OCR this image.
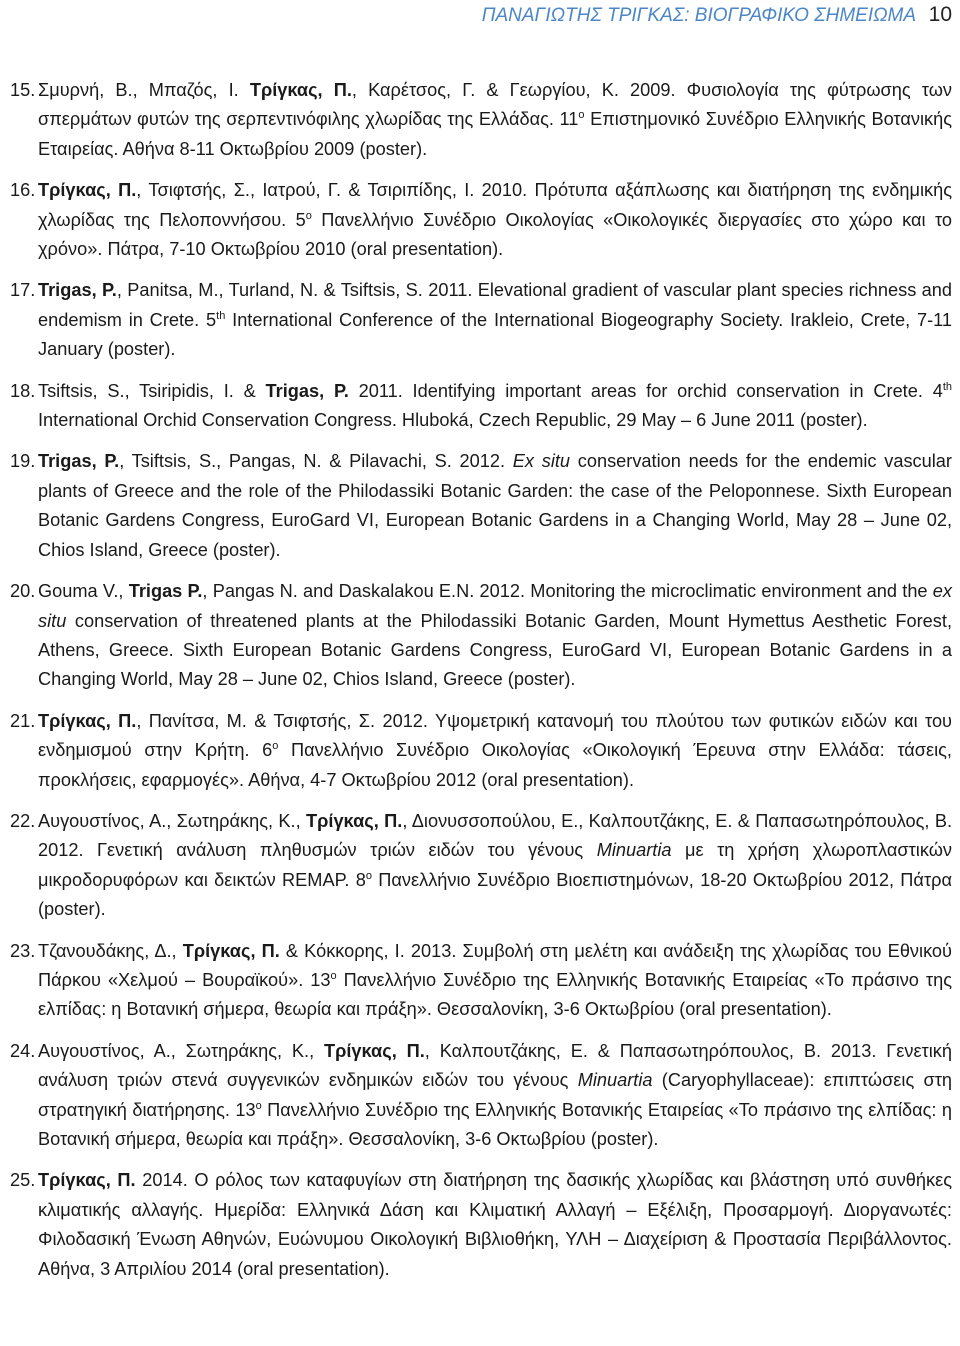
ΠΑΝΑΓΙΩΤΗΣ ΤΡΙΓΚΑΣ: ΒΙΟΓΡΑΦΙΚΟ ΣΗΜΕΙΩΜΑ 10
15. Σμυρνή, Β., Μπαζός, Ι. Τρίγκας, Π., Καρέτσος, Γ. & Γεωργίου, Κ. 2009. Φυσιολογία της φύτρωσης των σπερμάτων φυτών της σερπεντινόφιλης χλωρίδας της Ελλάδας. $11^o$ Επιστημονικό Συνέδριο Ελληνικής Βοτανικής Εταιρείας. Αθήνα 8-11 Οκτωβρίου 2009 (poster).
16. Τρίγκας, Π., Τσιφτσής, Σ., Ιατρού, Γ. & Τσιριπίδης, Ι. 2010. Πρότυπα αξάπλωσης και διατήρηση της ενδημικής χλωρίδας της Πελοποννήσου. $5^o$ Πανελλήνιο Συνέδριο Οικολογίας «Οικολογικές διεργασίες στο χώρο και το χρόνο». Πάτρα, 7-10 Οκτωβρίου 2010 (oral presentation).
17. Trigas, P., Panitsa, M., Turland, N. & Tsiftsis, S. 2011. Elevational gradient of vascular plant species richness and endemism in Crete. 5th International Conference of the International Biogeography Society. Irakleio, Crete, 7-11 January (poster).
18. Tsiftsis, S., Tsiripidis, I. & Trigas, P. 2011. Identifying important areas for orchid conservation in Crete. 4th International Orchid Conservation Congress. Hluboká, Czech Republic, 29 May – 6 June 2011 (poster).
19. Trigas, P., Tsiftsis, S., Pangas, N. & Pilavachi, S. 2012. Ex situ conservation needs for the endemic vascular plants of Greece and the role of the Philodassiki Botanic Garden: the case of the Peloponnese. Sixth European Botanic Gardens Congress, EuroGard VI, European Botanic Gardens in a Changing World, May 28 – June 02, Chios Island, Greece (poster).
20. Gouma V., Trigas P., Pangas N. and Daskalakou E.N. 2012. Monitoring the microclimatic environment and the ex situ conservation of threatened plants at the Philodassiki Botanic Garden, Mount Hymettus Aesthetic Forest, Athens, Greece. Sixth European Botanic Gardens Congress, EuroGard VI, European Botanic Gardens in a Changing World, May 28 – June 02, Chios Island, Greece (poster).
21. Τρίγκας, Π., Πανίτσα, Μ. & Τσιφτσής, Σ. 2012. Υψομετρική κατανομή του πλούτου των φυτικών ειδών και του ενδημισμού στην Κρήτη. $6^o$ Πανελλήνιο Συνέδριο Οικολογίας «Οικολογική Έρευνα στην Ελλάδα: τάσεις, προκλήσεις, εφαρμογές». Αθήνα, 4-7 Οκτωβρίου 2012 (oral presentation).
22. Αυγουστίνος, Α., Σωτηράκης, Κ., Τρίγκας, Π., Διονυσσοπούλου, Ε., Καλπουτζάκης, Ε. & Παπασωτηρόπουλος, Β. 2012. Γενετική ανάλυση πληθυσμών τριών ειδών του γένους Minuartia με τη χρήση χλωροπλαστικών μικροδορυφόρων και δεικτών REMAP. $8^o$ Πανελλήνιο Συνέδριο Βιοεπιστημόνων, 18-20 Οκτωβρίου 2012, Πάτρα (poster).
23. Τζανουδάκης, Δ., Τρίγκας, Π. & Κόκκορης, Ι. 2013. Συμβολή στη μελέτη και ανάδειξη της χλωρίδας του Εθνικού Πάρκου «Χελμού – Βουραϊκού». $13^o$ Πανελλήνιο Συνέδριο της Ελληνικής Βοτανικής Εταιρείας «Το πράσινο της ελπίδας: η Βοτανική σήμερα, θεωρία και πράξη». Θεσσαλονίκη, 3-6 Οκτωβρίου (oral presentation).
24. Αυγουστίνος, Α., Σωτηράκης, Κ., Τρίγκας, Π., Καλπουτζάκης, Ε. & Παπασωτηρόπουλος, Β. 2013. Γενετική ανάλυση τριών στενά συγγενικών ενδημικών ειδών του γένους Minuartia (Caryophyllaceae): επιπτώσεις στη στρατηγική διατήρησης. $13^o$ Πανελλήνιο Συνέδριο της Ελληνικής Βοτανικής Εταιρείας «Το πράσινο της ελπίδας: η Βοτανική σήμερα, θεωρία και πράξη». Θεσσαλονίκη, 3-6 Οκτωβρίου (poster).
25. Τρίγκας, Π. 2014. Ο ρόλος των καταφυγίων στη διατήρηση της δασικής χλωρίδας και βλάστηση υπό συνθήκες κλιματικής αλλαγής. Ημερίδα: Ελληνικά Δάση και Κλιματική Αλλαγή – Εξέλιξη, Προσαρμογή. Διοργανωτές: Φιλοδασική Ένωση Αθηνών, Ευώνυμου Οικολογική Βιβλιοθήκη, ΥΛΗ – Διαχείριση & Προστασία Περιβάλλοντος. Αθήνα, 3 Απριλίου 2014 (oral presentation).
